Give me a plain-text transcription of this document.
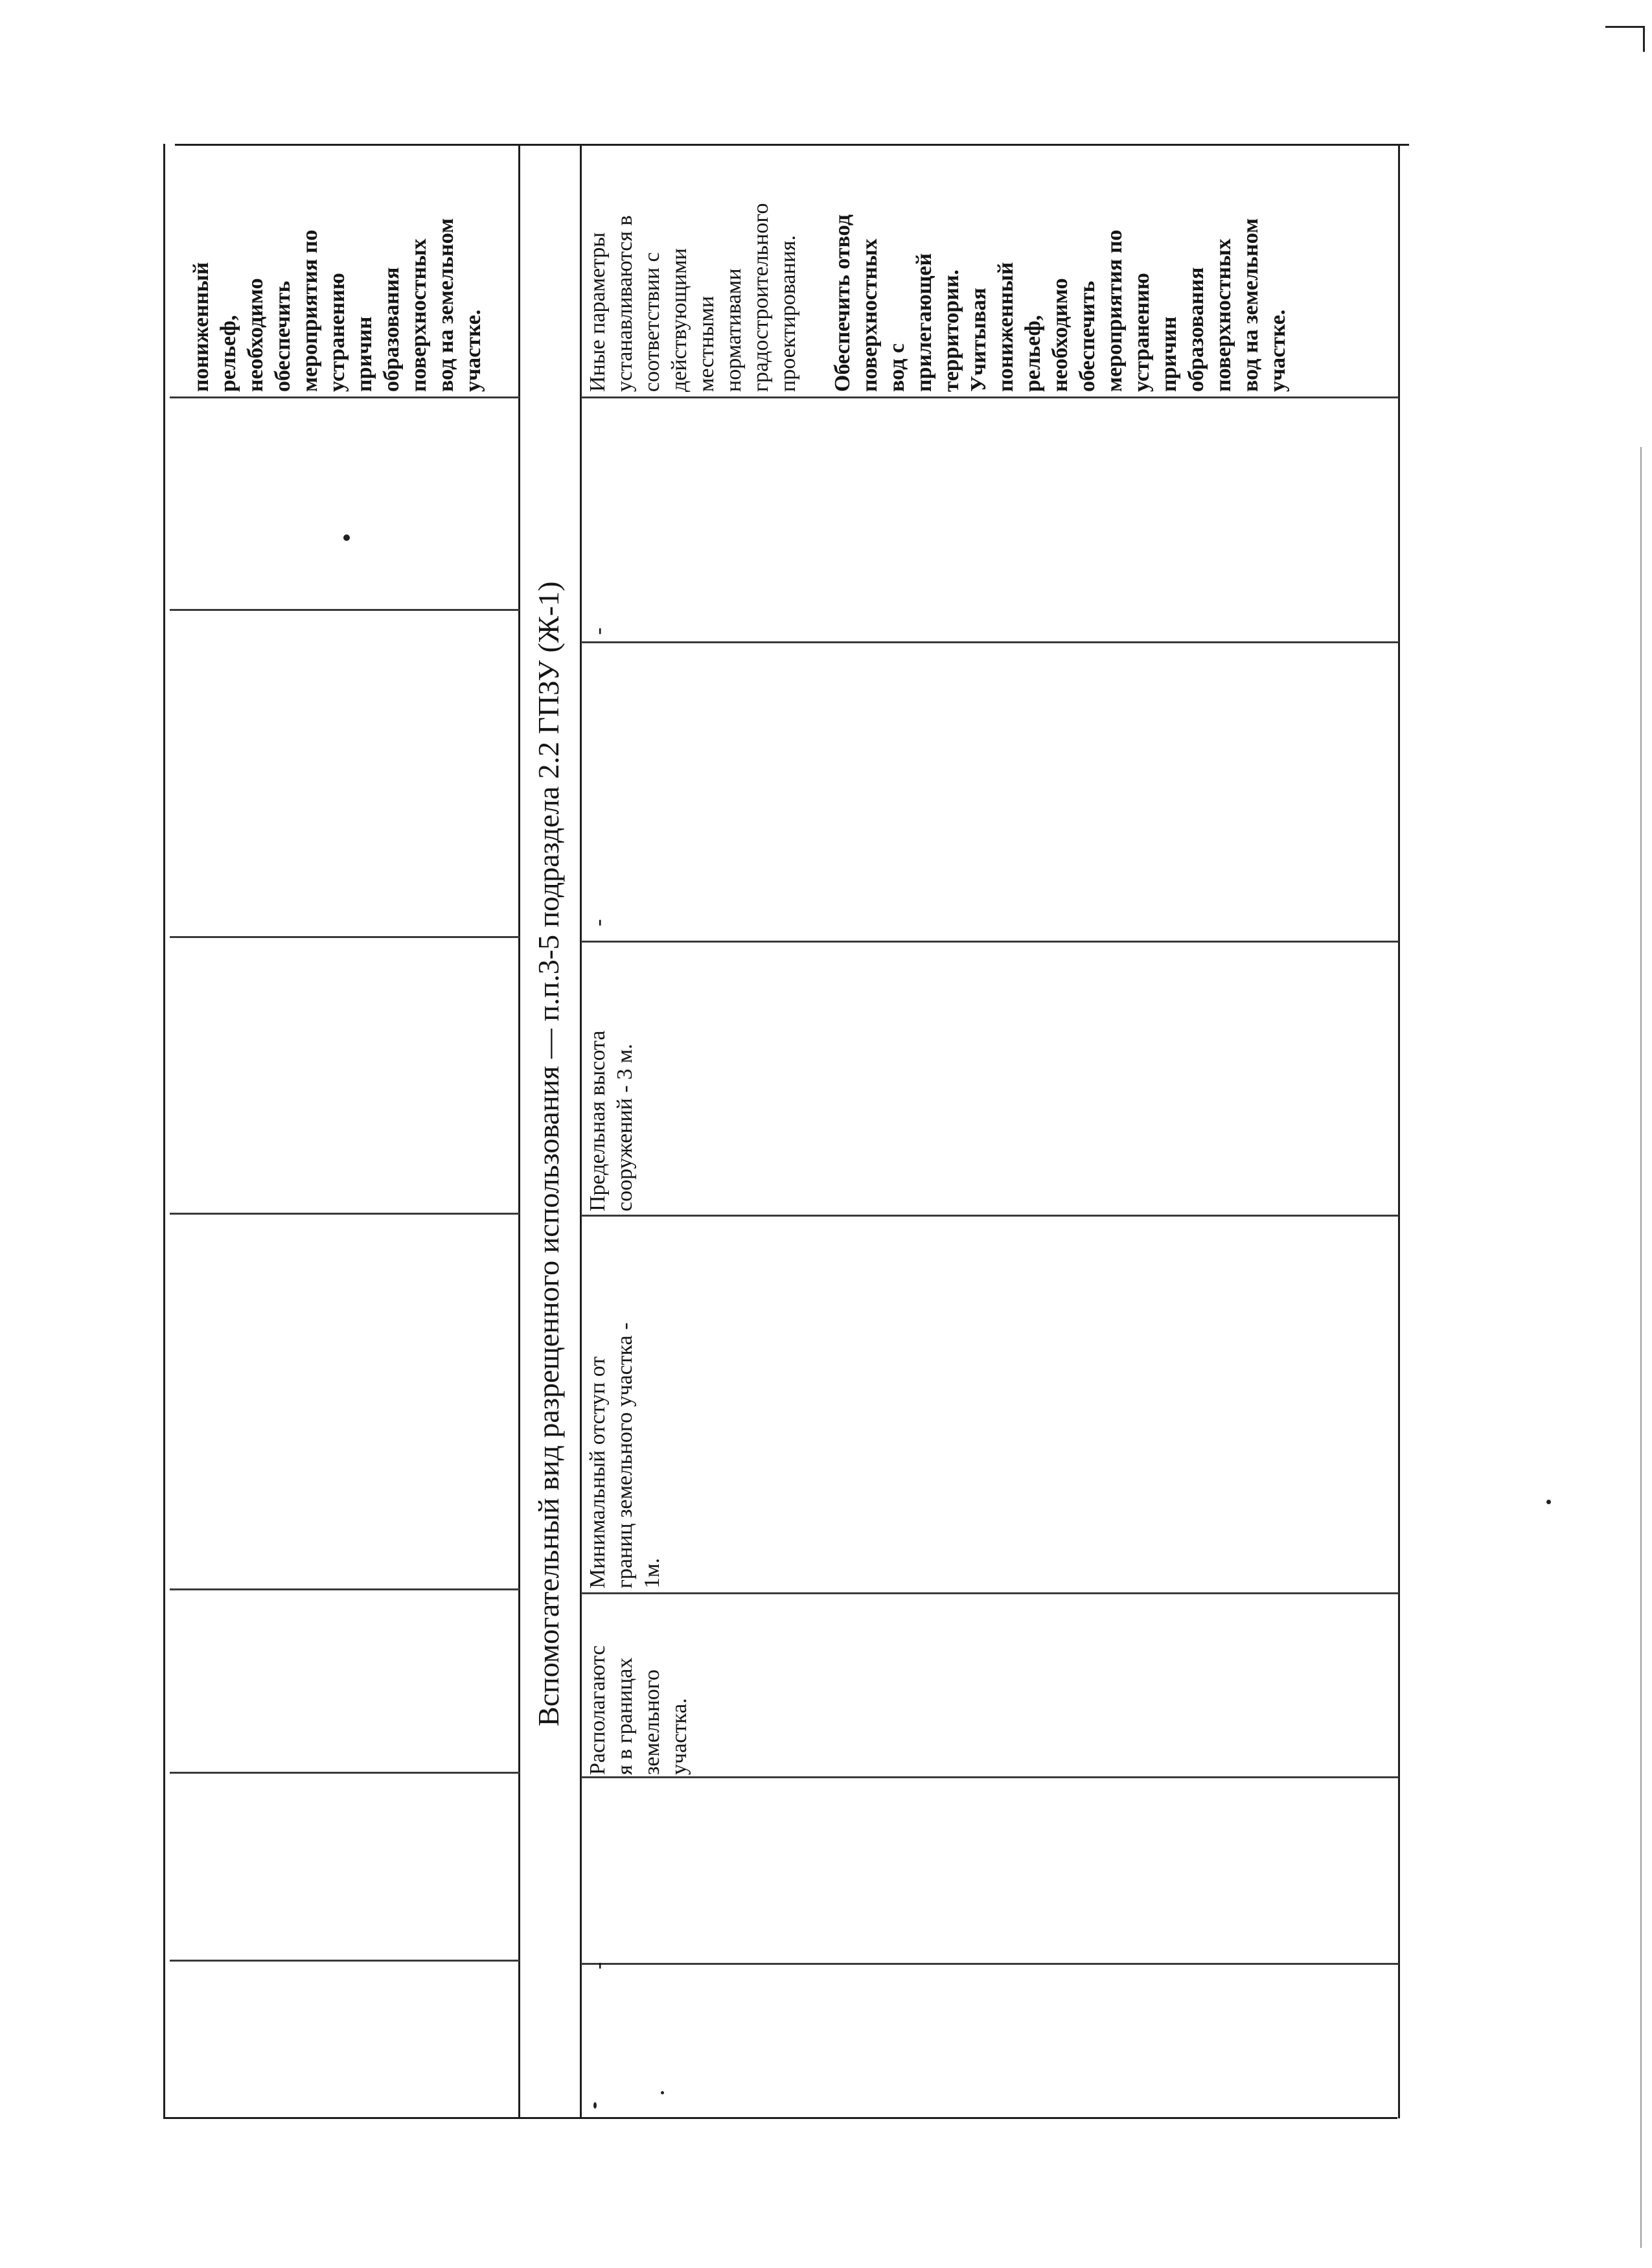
пониженный рельеф, необходимо обеспечить мероприятия по устранению причин образования поверхностных вод на земельном участке.

Вспомогательный вид разрещенного использования — п.п.3-5 подраздела 2.2 ГПЗУ (Ж-1)
-

Располагаютс я в границах земельного участка.

Минимальный отступ от границ земельного участка - 1м.

Предельная высота сооружений - 3 м.

-
-

Иные параметры устанавливаются в соответствии с действующими местными нормативами градостроительного проектирования. Обеспечить отвод поверхностных вод с прилегающей территории. Учитывая пониженный рельеф, необходимо обеспечить мероприятия по устранению причин образования поверхностных вод на земельном участке.
